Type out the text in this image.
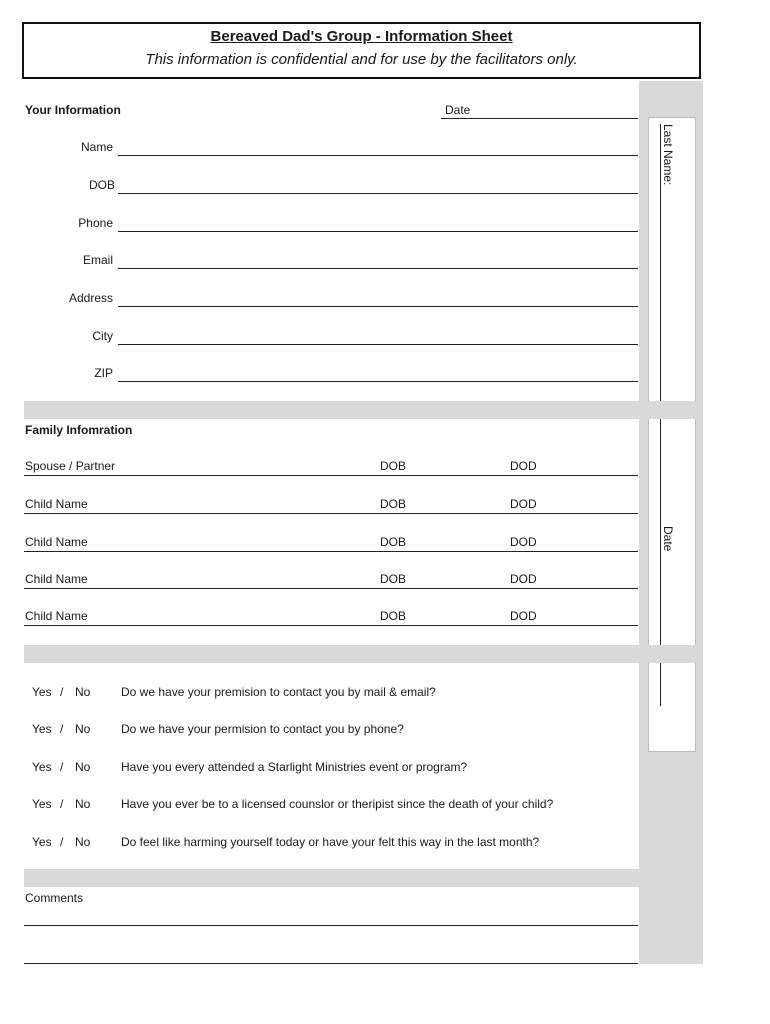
Bereaved Dad's Group - Information Sheet
This information is confidential and for use by the facilitators only.
Last Name:
Date
Your Information	Date
Name
DOB
Phone
Email
Address
City
ZIP
Family Infomration
Spouse / Partner	DOB	DOD
Child Name	DOB	DOD
Child Name	DOB	DOD
Child Name	DOB	DOD
Child Name	DOB	DOD
Yes / No	Do we have your premision to contact you by mail & email?
Yes / No	Do we have your permision to contact you by phone?
Yes / No	Have you every attended a Starlight Ministries event or program?
Yes / No	Have you ever be to a licensed counslor or theripist since the death of your child?
Yes / No	Do feel like harming yourself today or have your felt this way in the last month?
Comments
